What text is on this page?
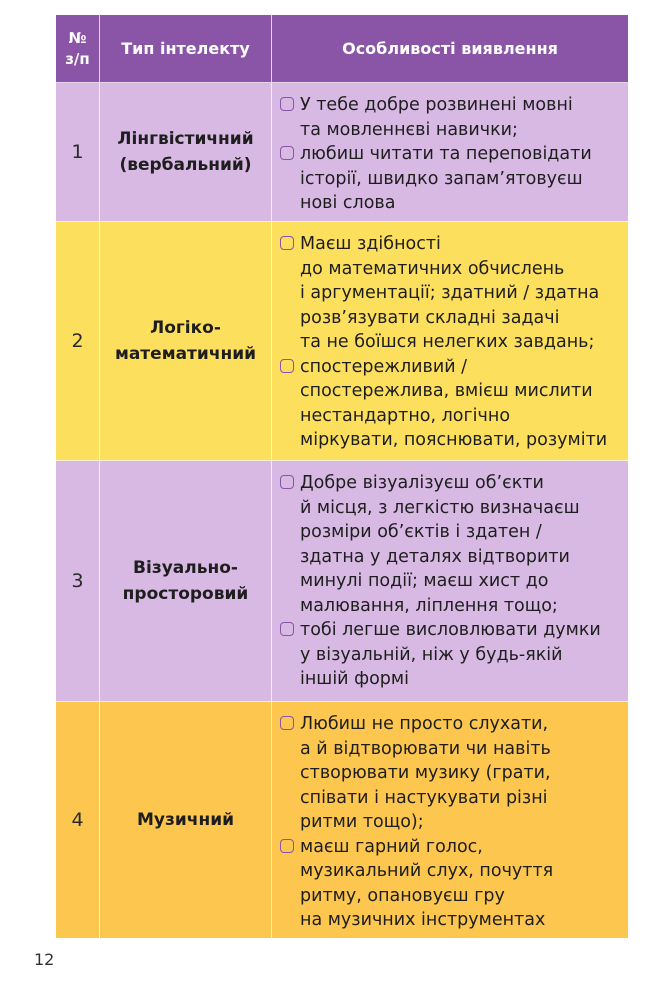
№
з/п
Тип інтелекту	Особливості виявлення
1
Лінгвістичний
(вербальний)
У тебе добре розвинені мовні
та мовленнєві навички;
любиш читати та переповідати
історії, швидко запам’ятовуєш
нові слова
2
Логіко-
математичний
Маєш здібності
до математичних обчислень
і аргументації; здатний / здатна
розв’язувати складні задачі
та не боїшся нелегких завдань;
спостережливий /
спостережлива, вмієш мислити
нестандартно, логічно
міркувати, пояснювати, розуміти
3
Візуально-
просторовий
Добре візуалізуєш об’єкти
й місця, з легкістю визначаєш
розміри об’єктів і здатен /
здатна у деталях відтворити
минулі події; маєш хист до
малювання, ліплення тощо;
тобі легше висловлювати думки
у візуальній, ніж у будь-якій
іншій формі
4	Музичний
Любиш не просто слухати,
а й відтворювати чи навіть
створювати музику (грати,
співати і настукувати різні
ритми тощо);
маєш гарний голос,
музикальний слух, почуття
ритму, опановуєш гру
на музичних інструментах
12
